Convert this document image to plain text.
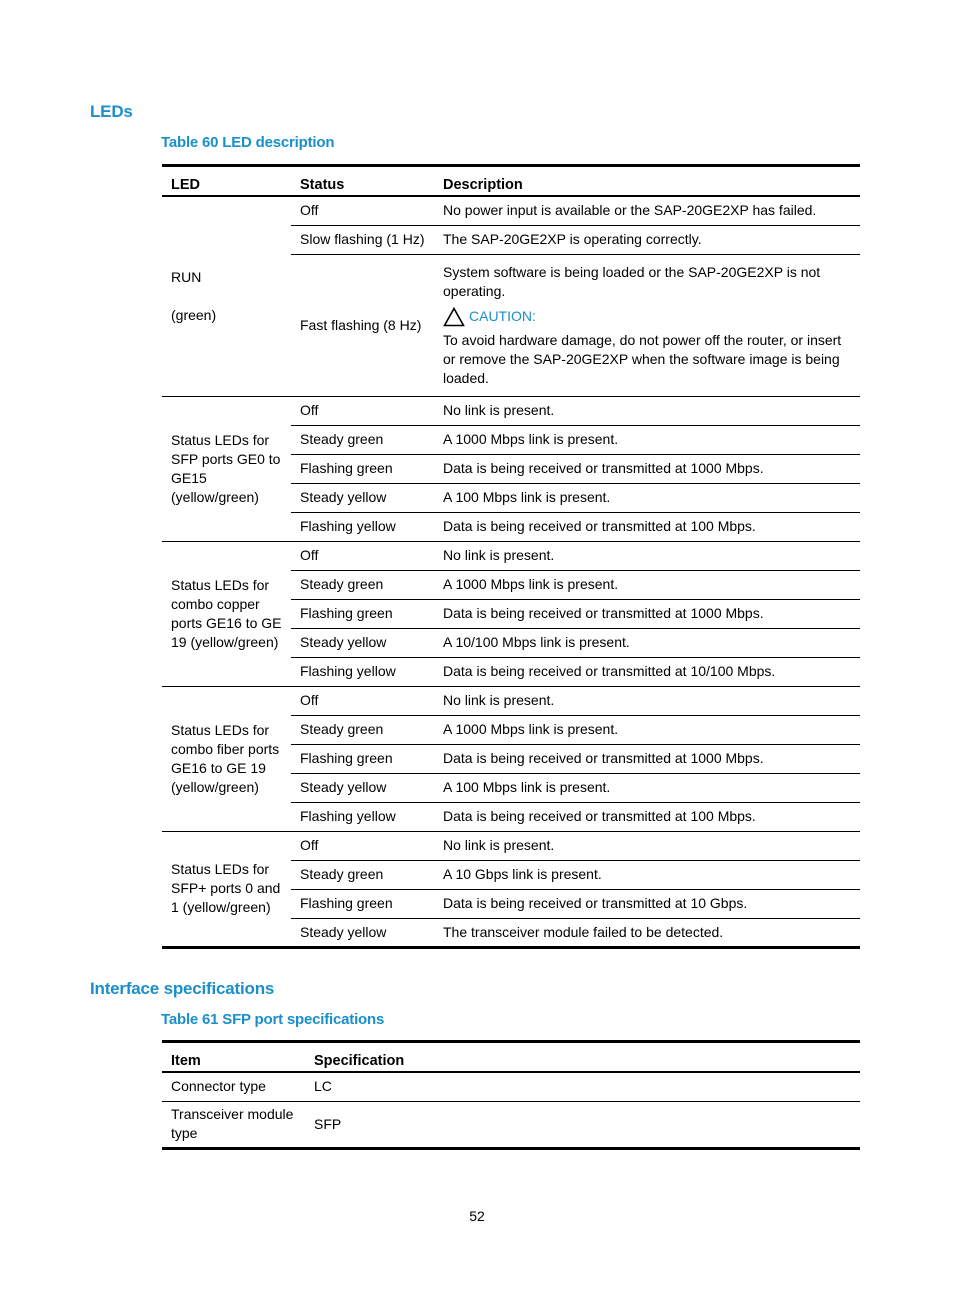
LEDs
Table 60 LED description
LED	Status	Description
RUN

(green)	Off	No power input is available or the SAP-20GE2XP has failed.
	Slow flashing (1 Hz)	The SAP-20GE2XP is operating correctly.
	Fast flashing (8 Hz)	System software is being loaded or the SAP-20GE2XP is not operating.
CAUTION:
To avoid hardware damage, do not power off the router, or insert or remove the SAP-20GE2XP when the software image is being loaded.

Status LEDs for SFP ports GE0 to GE15 (yellow/green)	Off	No link is present.
	Steady green	A 1000 Mbps link is present.
	Flashing green	Data is being received or transmitted at 1000 Mbps.
	Steady yellow	A 100 Mbps link is present.
	Flashing yellow	Data is being received or transmitted at 100 Mbps.
Status LEDs for combo copper ports GE16 to GE 19 (yellow/green)	Off	No link is present.
	Steady green	A 1000 Mbps link is present.
	Flashing green	Data is being received or transmitted at 1000 Mbps.
	Steady yellow	A 10/100 Mbps link is present.
	Flashing yellow	Data is being received or transmitted at 10/100 Mbps.
Status LEDs for combo fiber ports GE16 to GE 19 (yellow/green)	Off	No link is present.
	Steady green	A 1000 Mbps link is present.
	Flashing green	Data is being received or transmitted at 1000 Mbps.
	Steady yellow	A 100 Mbps link is present.
	Flashing yellow	Data is being received or transmitted at 100 Mbps.
Status LEDs for SFP+ ports 0 and 1 (yellow/green)	Off	No link is present.
	Steady green	A 10 Gbps link is present.
	Flashing green	Data is being received or transmitted at 10 Gbps.
	Steady yellow	The transceiver module failed to be detected.
Interface specifications
Table 61 SFP port specifications
Item	Specification
Connector type	LC
Transceiver module type	SFP
52
